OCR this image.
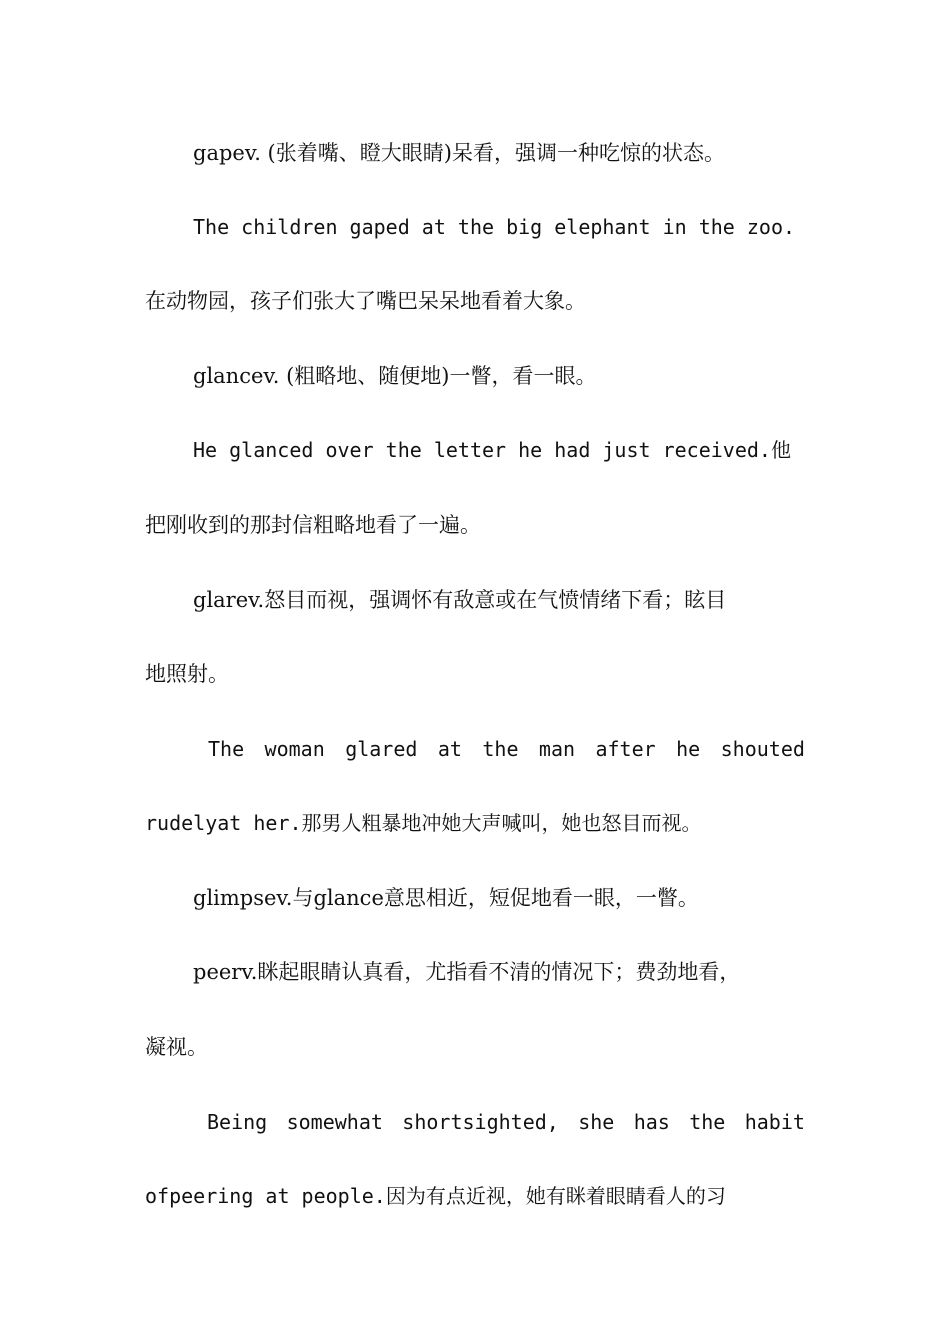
gapev. (张着嘴、瞪大眼睛)呆看，强调一种吃惊的状态。
The children gaped at the big elephant in the zoo.
在动物园，孩子们张大了嘴巴呆呆地看着大象。
glancev. (粗略地、随便地)一瞥，看一眼。
He glanced over the letter he had just received.他
把刚收到的那封信粗略地看了一遍。
glarev.怒目而视，强调怀有敌意或在气愤情绪下看；眩目
地照射。
The woman glared at the man after he shouted
rudelyat her.那男人粗暴地冲她大声喊叫，她也怒目而视。
glimpsev.与glance意思相近，短促地看一眼，一瞥。
peerv.眯起眼睛认真看，尤指看不清的情况下；费劲地看，
凝视。
Being somewhat shortsighted, she has the habit
ofpeering at people.因为有点近视，她有眯着眼睛看人的习
